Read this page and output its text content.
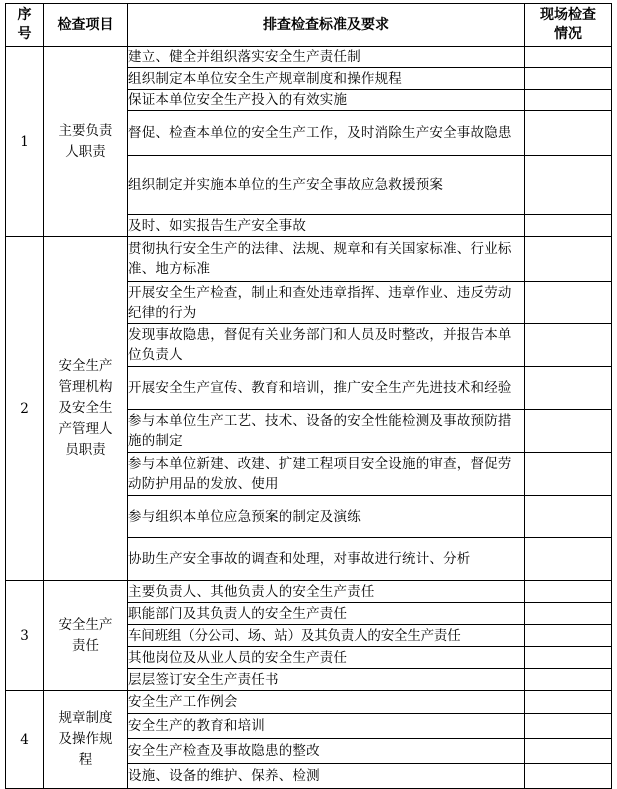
序号	检查项目	排查检查标准及要求	现场检查情况
1	主要负责人职责	建立、健全并组织落实安全生产责任制	
		组织制定本单位安全生产规章制度和操作规程	
		保证本单位安全生产投入的有效实施	
		督促、检查本单位的安全生产工作，及时消除生产安全事故隐患	
		组织制定并实施本单位的生产安全事故应急救援预案	
		及时、如实报告生产安全事故	
2	安全生产管理机构及安全生产管理人员职责	贯彻执行安全生产的法律、法规、规章和有关国家标准、行业标准、地方标准	
		开展安全生产检查，制止和查处违章指挥、违章作业、违反劳动纪律的行为	
		发现事故隐患，督促有关业务部门和人员及时整改，并报告本单位负责人	
		开展安全生产宣传、教育和培训，推广安全生产先进技术和经验	
		参与本单位生产工艺、技术、设备的安全性能检测及事故预防措施的制定	
		参与本单位新建、改建、扩建工程项目安全设施的审查，督促劳动防护用品的发放、使用	
		参与组织本单位应急预案的制定及演练	
		协助生产安全事故的调查和处理，对事故进行统计、分析	
3	安全生产责任	主要负责人、其他负责人的安全生产责任	
		职能部门及其负责人的安全生产责任	
		车间班组（分公司、场、站）及其负责人的安全生产责任	
		其他岗位及从业人员的安全生产责任	
		层层签订安全生产责任书	
4	规章制度及操作规程	安全生产工作例会	
		安全生产的教育和培训	
		安全生产检查及事故隐患的整改	
		设施、设备的维护、保养、检测	
